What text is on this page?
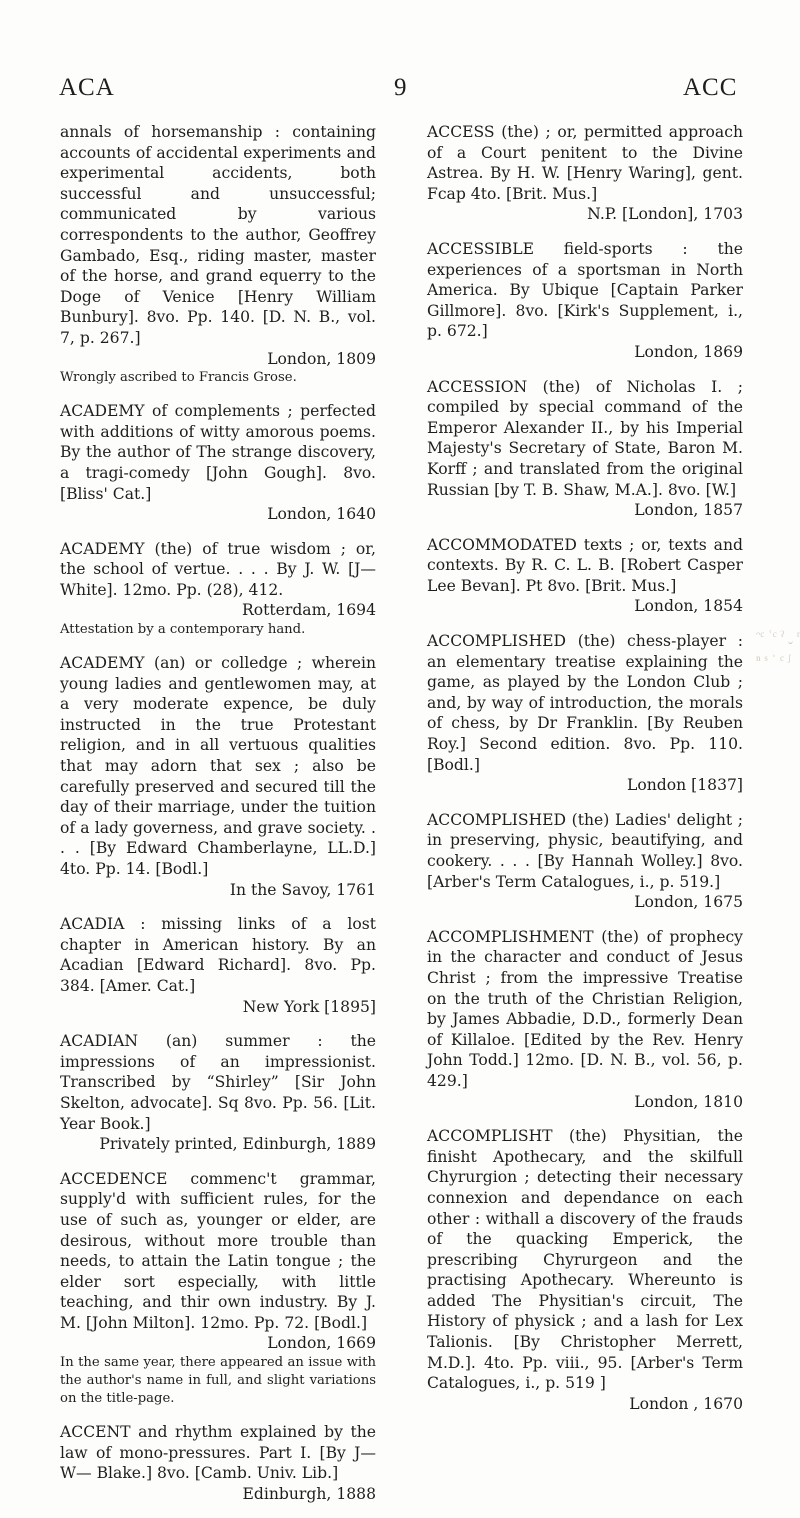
ACA	9	ACC

annals of horsemanship : containing accounts of accidental experiments and experimental accidents, both successful and unsuccessful; communicated by various correspondents to the author, Geoffrey Gambado, Esq., riding master, master of the horse, and grand equerry to the Doge of Venice [Henry William Bunbury]. 8vo. Pp. 140. [D. N. B., vol. 7, p. 267.]
London, 1809
Wrongly ascribed to Francis Grose.

ACADEMY of complements ; perfected with additions of witty amorous poems. By the author of The strange discovery, a tragi-comedy [John Gough]. 8vo. [Bliss' Cat.]
London, 1640

ACADEMY (the) of true wisdom ; or, the school of vertue. . . . By J. W. [J— White]. 12mo. Pp. (28), 412.
Rotterdam, 1694
Attestation by a contemporary hand.

ACADEMY (an) or colledge ; wherein young ladies and gentlewomen may, at a very moderate expence, be duly instructed in the true Protestant religion, and in all vertuous qualities that may adorn that sex ; also be carefully preserved and secured till the day of their marriage, under the tuition of a lady governess, and grave society. . . . [By Edward Chamberlayne, LL.D.] 4to. Pp. 14. [Bodl.]
In the Savoy, 1761

ACADIA : missing links of a lost chapter in American history. By an Acadian [Edward Richard]. 8vo. Pp. 384. [Amer. Cat.]
New York [1895]

ACADIAN (an) summer : the impressions of an impressionist. Transcribed by “Shirley” [Sir John Skelton, advocate]. Sq 8vo. Pp. 56. [Lit. Year Book.]
Privately printed, Edinburgh, 1889

ACCEDENCE commenc't grammar, supply'd with sufficient rules, for the use of such as, younger or elder, are desirous, without more trouble than needs, to attain the Latin tongue ; the elder sort especially, with little teaching, and thir own industry. By J. M. [John Milton]. 12mo. Pp. 72. [Bodl.]
London, 1669
In the same year, there appeared an issue with the author's name in full, and slight variations on the title-page.

ACCENT and rhythm explained by the law of mono-pressures. Part I. [By J— W— Blake.] 8vo. [Camb. Univ. Lib.]
Edinburgh, 1888

ACCESS (the) ; or, permitted approach of a Court penitent to the Divine Astrea. By H. W. [Henry Waring], gent. Fcap 4to. [Brit. Mus.]
N.P. [London], 1703

ACCESSIBLE field-sports : the experiences of a sportsman in North America. By Ubique [Captain Parker Gillmore]. 8vo. [Kirk's Supplement, i., p. 672.]
London, 1869

ACCESSION (the) of Nicholas I. ; compiled by special command of the Emperor Alexander II., by his Imperial Majesty's Secretary of State, Baron M. Korff ; and translated from the original Russian [by T. B. Shaw, M.A.]. 8vo. [W.]
London, 1857

ACCOMMODATED texts ; or, texts and contexts. By R. C. L. B. [Robert Casper Lee Bevan]. Pt 8vo. [Brit. Mus.]
London, 1854

ACCOMPLISHED (the) chess-player : an elementary treatise explaining the game, as played by the London Club ; and, by way of introduction, the morals of chess, by Dr Franklin. [By Reuben Roy.] Second edition. 8vo. Pp. 110. [Bodl.]
London [1837]

ACCOMPLISHED (the) Ladies' delight ; in preserving, physic, beautifying, and cookery. . . . [By Hannah Wolley.] 8vo. [Arber's Term Catalogues, i., p. 519.]
London, 1675

ACCOMPLISHMENT (the) of prophecy in the character and conduct of Jesus Christ ; from the impressive Treatise on the truth of the Christian Religion, by James Abbadie, D.D., formerly Dean of Killaloe. [Edited by the Rev. Henry John Todd.] 12mo. [D. N. B., vol. 56, p. 429.]
London, 1810

ACCOMPLISHT (the) Physitian, the finisht Apothecary, and the skilfull Chyrurgion ; detecting their necessary connexion and dependance on each other : withall a discovery of the frauds of the quacking Emperick, the prescribing Chyrurgeon and the practising Apothecary. Whereunto is added The Physitian's circuit, The History of physick ; and a lash for Lex Talionis. [By Christopher Merrett, M.D.]. 4to. Pp. viii., 95. [Arber's Term Catalogues, i., p. 519 ]
London , 1670

ᵔᶜ ʿᶜ ˀ ˬ ʳ ⁿ ˢ ˈ ᶜ ᶴ
